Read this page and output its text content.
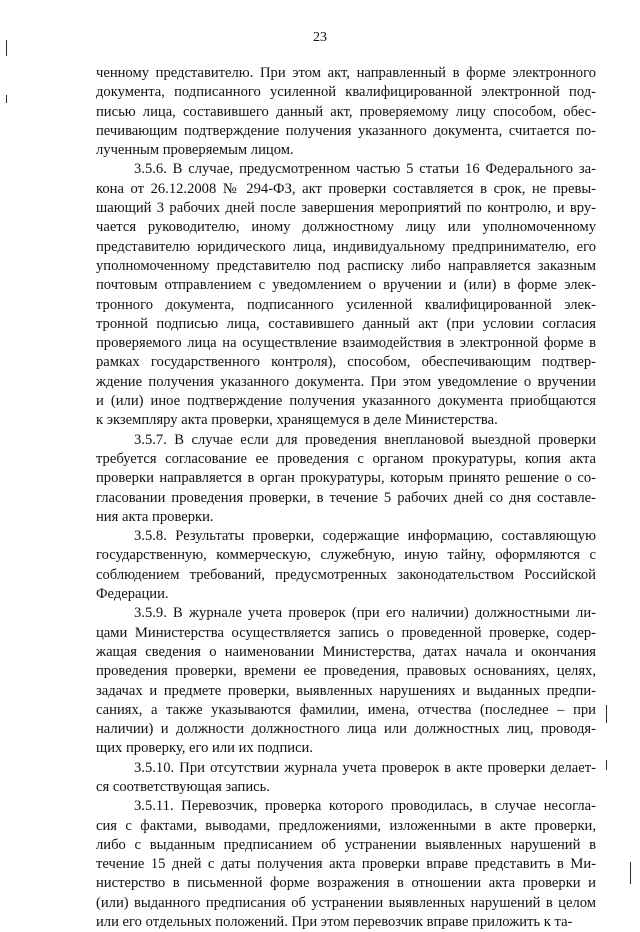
23
ченному представителю. При этом акт, направленный в форме электронного
документа, подписанного усиленной квалифицированной электронной под-
писью лица, составившего данный акт, проверяемому лицу способом, обес-
печивающим подтверждение получения указанного документа, считается по-
лученным проверяемым лицом.
3.5.6. В случае, предусмотренном частью 5 статьи 16 Федерального за-
кона от 26.12.2008 № 294-ФЗ, акт проверки составляется в срок, не превы-
шающий 3 рабочих дней после завершения мероприятий по контролю, и вру-
чается руководителю, иному должностному лицу или уполномоченному
представителю юридического лица, индивидуальному предпринимателю, его
уполномоченному представителю под расписку либо направляется заказным
почтовым отправлением с уведомлением о вручении и (или) в форме элек-
тронного документа, подписанного усиленной квалифицированной элек-
тронной подписью лица, составившего данный акт (при условии согласия
проверяемого лица на осуществление взаимодействия в электронной форме в
рамках государственного контроля), способом, обеспечивающим подтвер-
ждение получения указанного документа. При этом уведомление о вручении
и (или) иное подтверждение получения указанного документа приобщаются
к экземпляру акта проверки, хранящемуся в деле Министерства.
3.5.7. В случае если для проведения внеплановой выездной проверки
требуется согласование ее проведения с органом прокуратуры, копия акта
проверки направляется в орган прокуратуры, которым принято решение о со-
гласовании проведения проверки, в течение 5 рабочих дней со дня составле-
ния акта проверки.
3.5.8. Результаты проверки, содержащие информацию, составляющую
государственную, коммерческую, служебную, иную тайну, оформляются с
соблюдением требований, предусмотренных законодательством Российской
Федерации.
3.5.9. В журнале учета проверок (при его наличии) должностными ли-
цами Министерства осуществляется запись о проведенной проверке, содер-
жащая сведения о наименовании Министерства, датах начала и окончания
проведения проверки, времени ее проведения, правовых основаниях, целях,
задачах и предмете проверки, выявленных нарушениях и выданных предпи-
саниях, а также указываются фамилии, имена, отчества (последнее – при
наличии) и должности должностного лица или должностных лиц, проводя-
щих проверку, его или их подписи.
3.5.10. При отсутствии журнала учета проверок в акте проверки делает-
ся соответствующая запись.
3.5.11. Перевозчик, проверка которого проводилась, в случае несогла-
сия с фактами, выводами, предложениями, изложенными в акте проверки,
либо с выданным предписанием об устранении выявленных нарушений в
течение 15 дней с даты получения акта проверки вправе представить в Ми-
нистерство в письменной форме возражения в отношении акта проверки и
(или) выданного предписания об устранении выявленных нарушений в целом
или его отдельных положений. При этом перевозчик вправе приложить к та-
